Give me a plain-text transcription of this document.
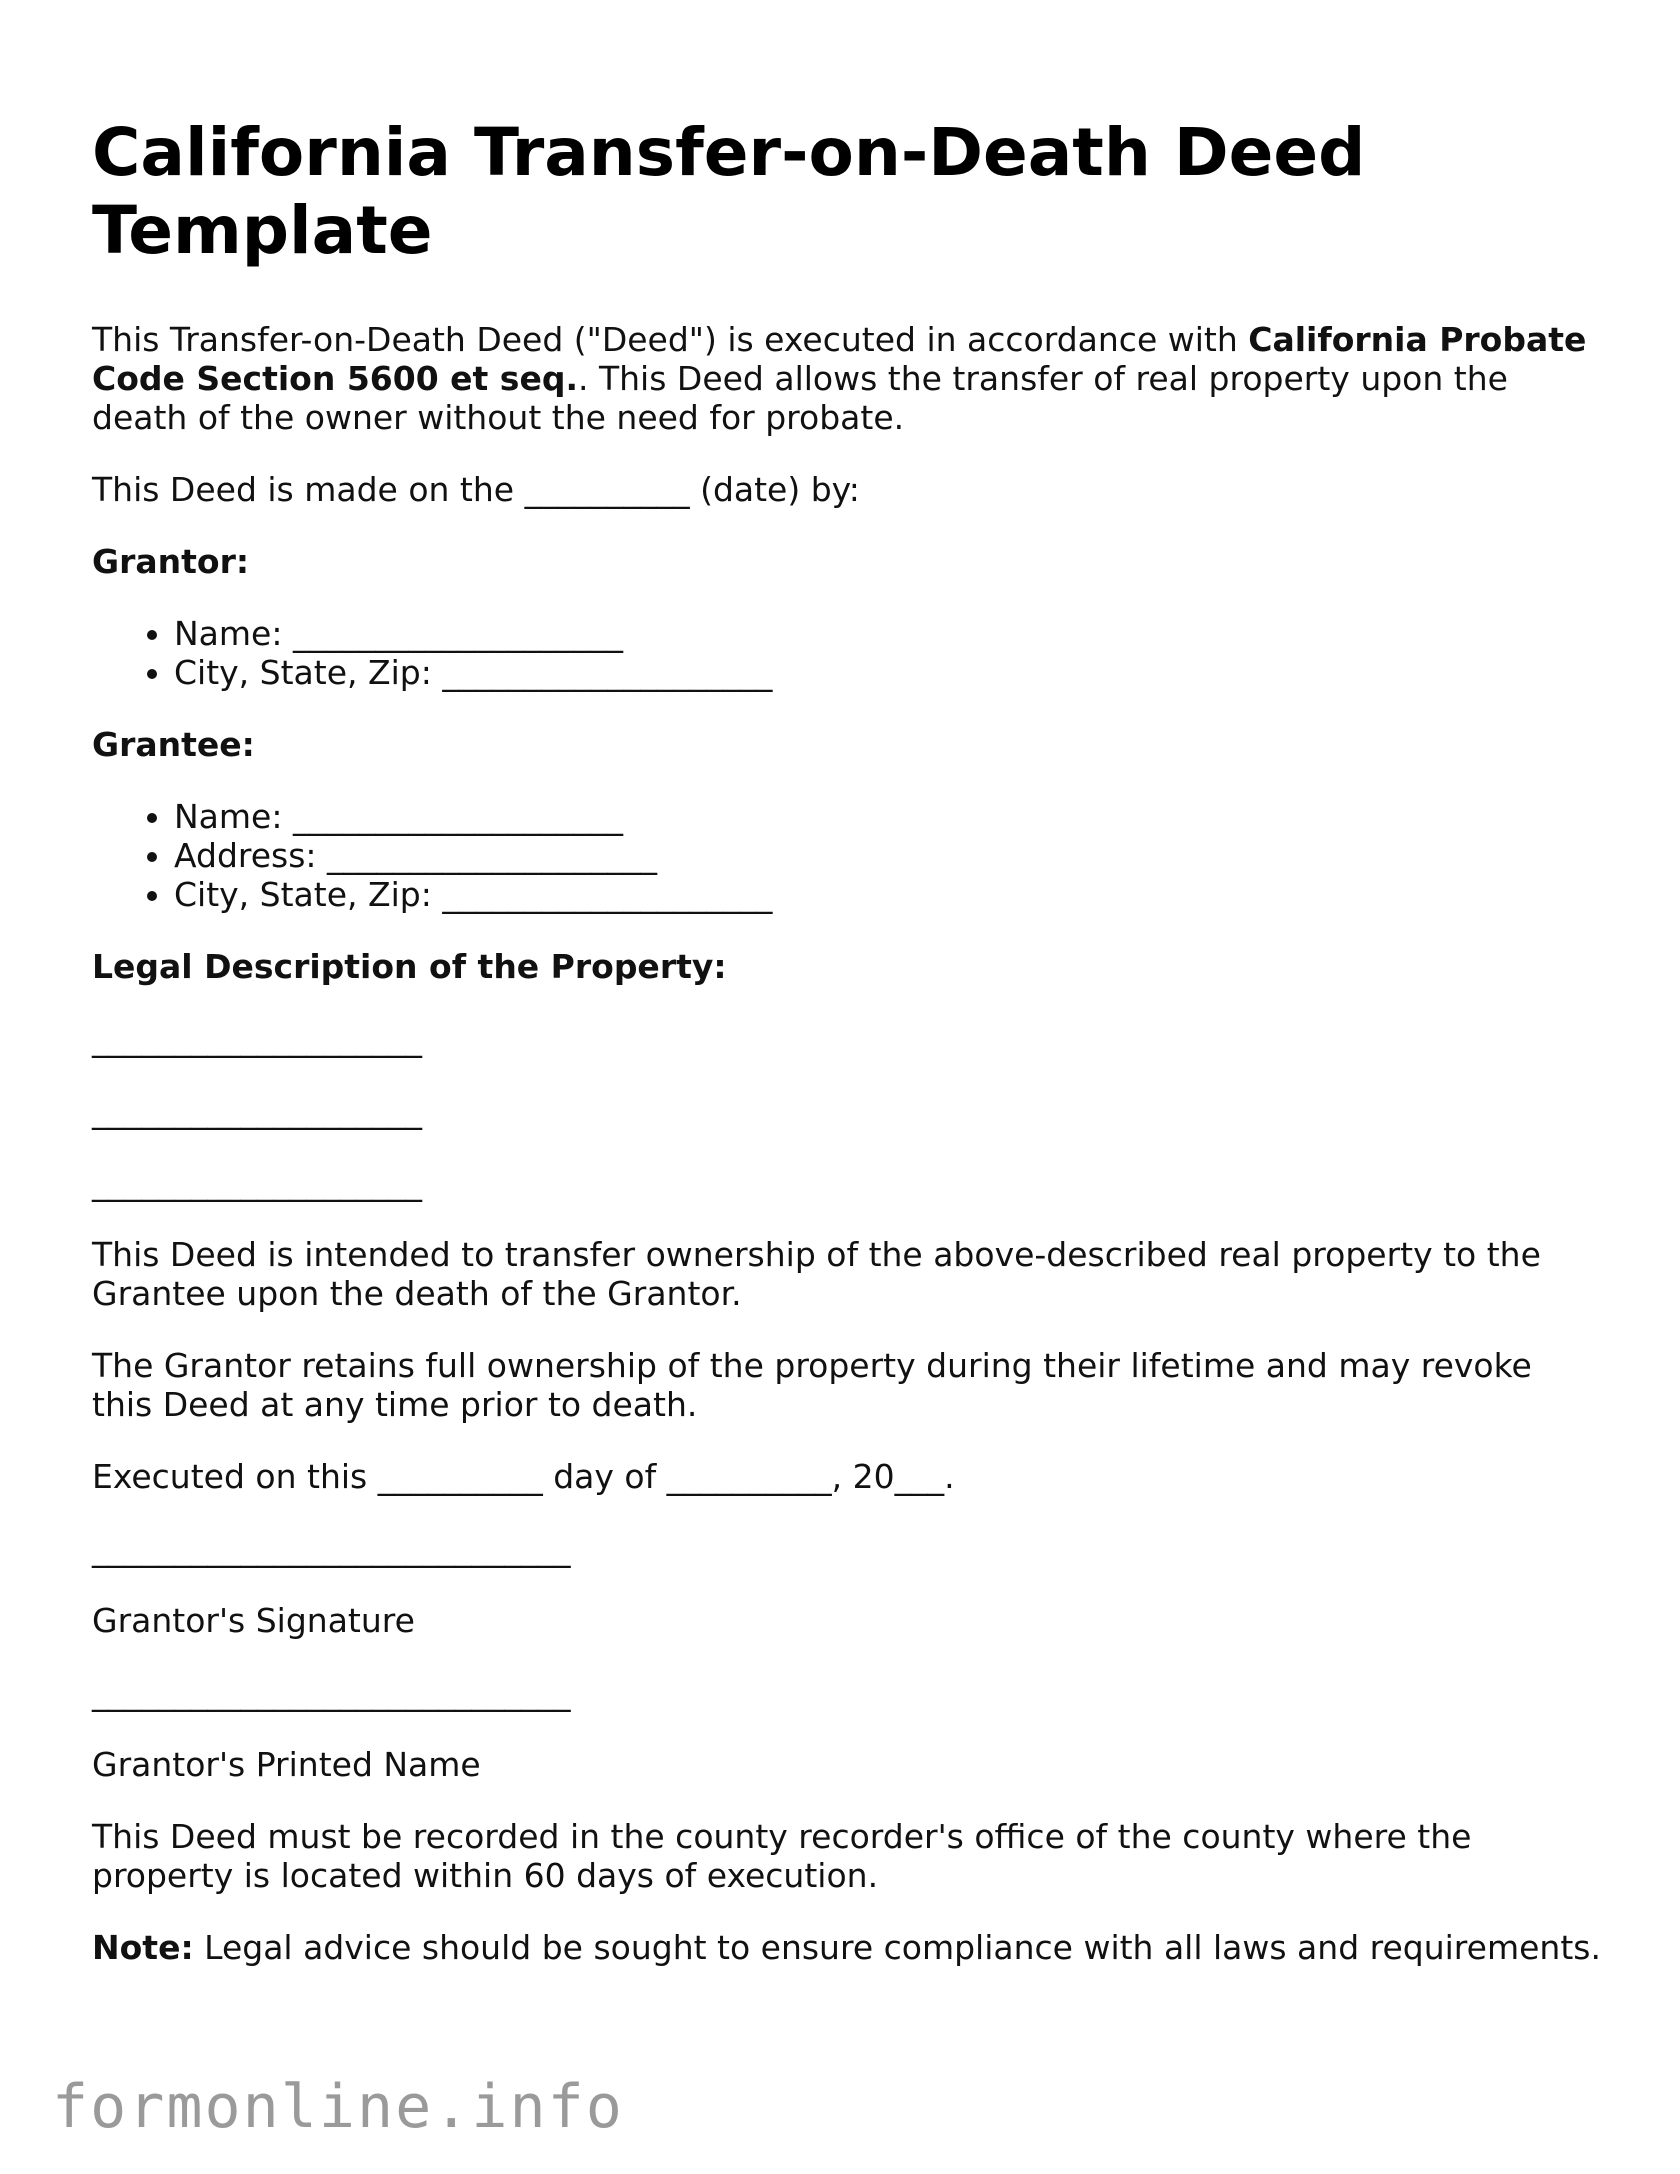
California Transfer-on-Death Deed Template

This Transfer-on-Death Deed ("Deed") is executed in accordance with California Probate Code Section 5600 et seq.. This Deed allows the transfer of real property upon the death of the owner without the need for probate.

This Deed is made on the __________ (date) by:

Grantor:

• Name: ____________________
• City, State, Zip: ____________________

Grantee:

• Name: ____________________
• Address: ____________________
• City, State, Zip: ____________________

Legal Description of the Property:

____________________
____________________
____________________

This Deed is intended to transfer ownership of the above-described real property to the Grantee upon the death of the Grantor.

The Grantor retains full ownership of the property during their lifetime and may revoke this Deed at any time prior to death.

Executed on this __________ day of __________, 20___.

_____________________________

Grantor's Signature

_____________________________

Grantor's Printed Name

This Deed must be recorded in the county recorder's office of the county where the property is located within 60 days of execution.

Note: Legal advice should be sought to ensure compliance with all laws and requirements.

formonline.info
